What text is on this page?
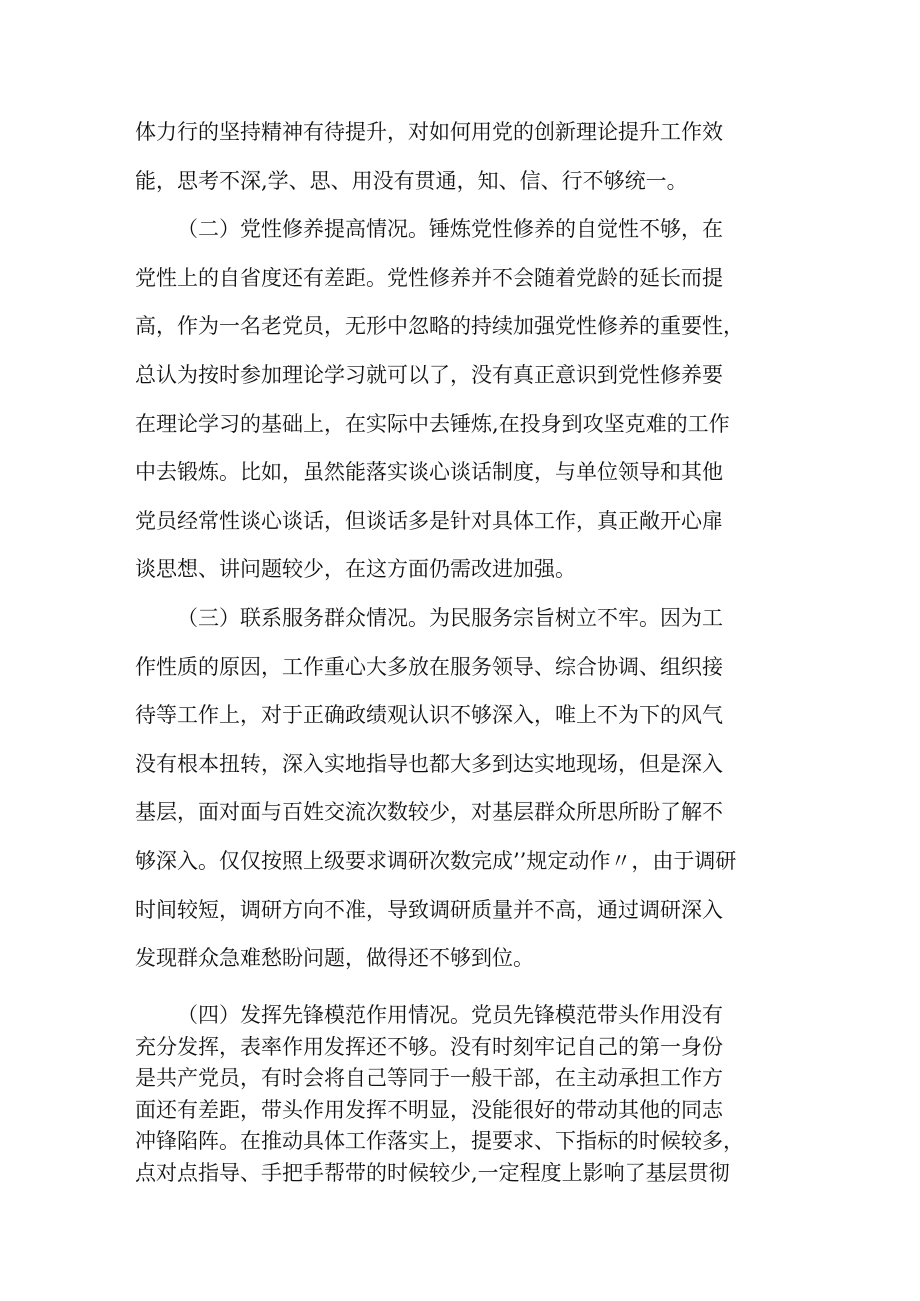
体力行的坚持精神有待提升，对如何用党的创新理论提升工作效
能，思考不深,学、思、用没有贯通，知、信、行不够统一。
（二）党性修养提高情况。锤炼党性修养的自觉性不够，在
党性上的自省度还有差距。党性修养并不会随着党龄的延长而提
高，作为一名老党员，无形中忽略的持续加强党性修养的重要性，
总认为按时参加理论学习就可以了，没有真正意识到党性修养要
在理论学习的基础上，在实际中去锤炼,在投身到攻坚克难的工作
中去锻炼。比如，虽然能落实谈心谈话制度，与单位领导和其他
党员经常性谈心谈话，但谈话多是针对具体工作，真正敞开心扉
谈思想、讲问题较少，在这方面仍需改进加强。
（三）联系服务群众情况。为民服务宗旨树立不牢。因为工
作性质的原因，工作重心大多放在服务领导、综合协调、组织接
待等工作上，对于正确政绩观认识不够深入，唯上不为下的风气
没有根本扭转，深入实地指导也都大多到达实地现场，但是深入
基层，面对面与百姓交流次数较少，对基层群众所思所盼了解不
够深入。仅仅按照上级要求调研次数完成’’规定动作〃，由于调研
时间较短，调研方向不准，导致调研质量并不高，通过调研深入
发现群众急难愁盼问题，做得还不够到位。
（四）发挥先锋模范作用情况。党员先锋模范带头作用没有
充分发挥，表率作用发挥还不够。没有时刻牢记自己的第一身份
是共产党员，有时会将自己等同于一般干部，在主动承担工作方
面还有差距，带头作用发挥不明显，没能很好的带动其他的同志
冲锋陷阵。在推动具体工作落实上，提要求、下指标的时候较多，
点对点指导、手把手帮带的时候较少,一定程度上影响了基层贯彻
